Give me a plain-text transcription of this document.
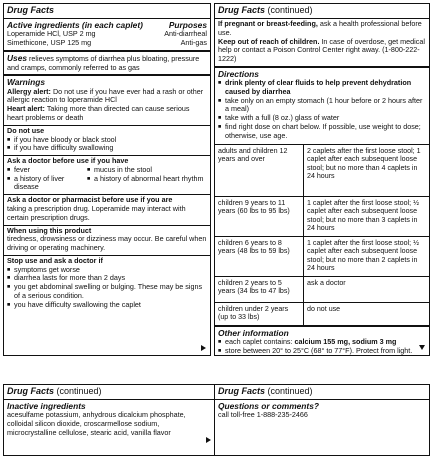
Drug Facts
Active ingredients (in each caplet)	Purposes
Loperamide HCl, USP 2 mg	Anti-diarrheal
Simethicone, USP 125 mg	Anti-gas
Uses relieves symptoms of diarrhea plus bloating, pressure and cramps, commonly referred to as gas
Warnings
Allergy alert: Do not use if you have ever had a rash or other allergic reaction to loperamide HCl
Heart alert: Taking more than directed can cause serious heart problems or death
Do not use
■ if you have bloody or black stool
■ if you have difficulty swallowing
Ask a doctor before use if you have
■ fever
■ a history of liver disease
■ mucus in the stool
■ a history of abnormal heart rhythm
Ask a doctor or pharmacist before use if you are
taking a prescription drug. Loperamide may interact with certain prescription drugs.
When using this product
tiredness, drowsiness or dizziness may occur. Be careful when driving or operating machinery.
Stop use and ask a doctor if
■ symptoms get worse
■ diarrhea lasts for more than 2 days
■ you get abdominal swelling or bulging. These may be signs of a serious condition.
■ you have difficulty swallowing the caplet
Drug Facts (continued)
If pregnant or breast-feeding, ask a health professional before use.
Keep out of reach of children. In case of overdose, get medical help or contact a Poison Control Center right away. (1-800-222-1222)
Directions
■ drink plenty of clear fluids to help prevent dehydration caused by diarrhea
■ take only on an empty stomach (1 hour before or 2 hours after a meal)
■ take with a full (8 oz.) glass of water
■ find right dose on chart below. If possible, use weight to dose; otherwise, use age.
adults and children 12 years and over	2 caplets after the first loose stool; 1 caplet after each subsequent loose stool; but no more than 4 caplets in 24 hours
children 9 years to 11 years (60 lbs to 95 lbs)	1 caplet after the first loose stool; ½ caplet after each subsequent loose stool; but no more than 3 caplets in 24 hours
children 6 years to 8 years (48 lbs to 59 lbs)	1 caplet after the first loose stool; ½ caplet after each subsequent loose stool; but no more than 2 caplets in 24 hours
children 2 years to 5 years (34 lbs to 47 lbs)	ask a doctor
children under 2 years (up to 33 lbs)	do not use
Other information
■ each caplet contains: calcium 155 mg, sodium 3 mg
■ store between 20° to 25°C (68° to 77°F). Protect from light.
Drug Facts (continued)
Inactive ingredients
acesulfame potassium, anhydrous dicalcium phosphate, colloidal silicon dioxide, croscarmellose sodium, microcrystalline cellulose, stearic acid, vanilla flavor
Drug Facts (continued)
Questions or comments?
call toll-free 1-888-235-2466
